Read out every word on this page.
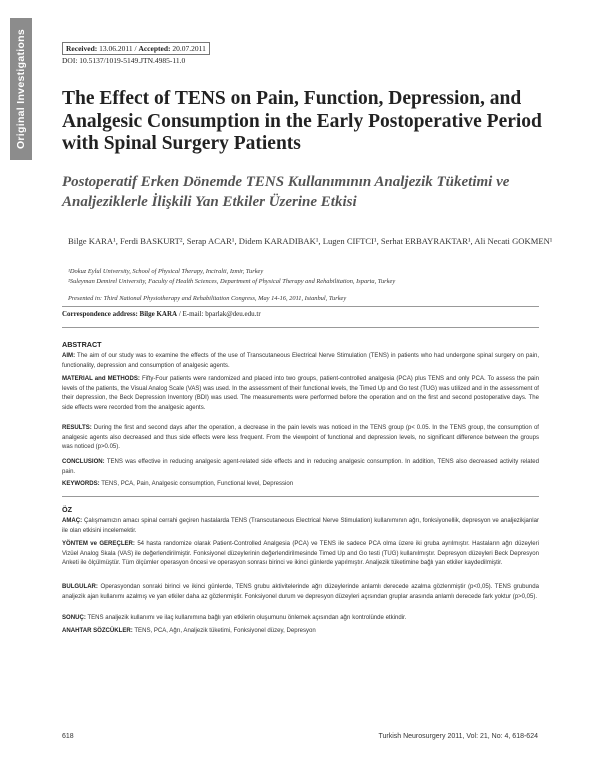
Original Investigations	Received: 13.06.2011 / Accepted: 20.07.2011
DOI: 10.5137/1019-5149.JTN.4985-11.0
The Effect of TENS on Pain, Function, Depression, and Analgesic Consumption in the Early Postoperative Period with Spinal Surgery Patients
Postoperatif Erken Dönemde TENS Kullanımının Analjezik Tüketimi ve Analjeziklerle İlişkili Yan Etkiler Üzerine Etkisi
Bilge KARA¹, Ferdi BASKURT², Serap ACAR¹, Didem KARADIBAK¹, Lugen CIFTCI¹, Serhat ERBAYRAKTAR¹, Ali Necati GOKMEN¹
¹Dokuz Eylul University, School of Physical Therapy, Inciralti, Izmir, Turkey
²Suleyman Demirel University, Faculty of Health Sciences, Department of Physical Therapy and Rehabilitation, Isparta, Turkey
Presented in: Third National Physiotherapy and Rehabilitation Congress, May 14-16, 2011, Istanbul, Turkey
Correspondence address: Bilge KARA / E-mail: bparlak@deu.edu.tr
ABSTRACT

AIM: The aim of our study was to examine the effects of the use of Transcutaneous Electrical Nerve Stimulation (TENS) in patients who had undergone spinal surgery on pain, functionality, depression and consumption of analgesic agents.

MATERIAL and METHODS: Fifty-Four patients were randomized and placed into two groups, patient-controlled analgesia (PCA) plus TENS and only PCA. To assess the pain levels of the patients, the Visual Analog Scale (VAS) was used. In the assessment of their functional levels, the Timed Up and Go test (TUG) was utilized and in the assessment of their depression, the Beck Depression Inventory (BDI) was used. The measurements were performed before the operation and on the first and second postoperative days. The side effects were recorded from the analgesic agents.

RESULTS: During the first and second days after the operation, a decrease in the pain levels was noticed in the TENS group (p< 0.05. In the TENS group, the consumption of analgesic agents also decreased and thus side effects were less frequent. From the viewpoint of functional and depression levels, no significant difference between the groups was noticed (p>0.05).

CONCLUSION: TENS was effective in reducing analgesic agent-related side effects and in reducing analgesic consumption. In addition, TENS also decreased activity related pain.

KEYWORDS: TENS, PCA, Pain, Analgesic consumption, Functional level, Depression

ÖZ

AMAÇ: Çalışmamızın amacı spinal cerrahi geçiren hastalarda TENS (Transcutaneous Electrical Nerve Stimulation) kullanımının ağrı, fonksiyonellik, depresyon ve analjezikjanlar ile olan etkisini incelemektir.

YÖNTEM ve GEREÇLER: 54 hasta randomize olarak Patient-Controlled Analgesia (PCA) ve TENS ile sadece PCA olma üzere iki gruba ayrılmıştır. Hastaların ağrı düzeyleri Vizüel Analog Skala (VAS) ile değerlendirilmiştir. Fonksiyonel düzeylerinin değerlendirilmesinde Timed Up and Go testi (TUG) kullanılmıştır. Depresyon düzeyleri Beck Depresyon Anketi ile ölçülmüştür. Tüm ölçümler operasyon öncesi ve operasyon sonrası birinci ve ikinci günlerde yapılmıştır. Analjezik tüketimine bağlı yan etkiler kaydedilmiştir.

BULGULAR: Operasyondan sonraki birinci ve ikinci günlerde, TENS grubu aktivitelerinde ağrı düzeylerinde anlamlı derecede azalma gözlenmiştir (p<0,05). TENS grubunda analjezik ajan kullanımı azalmış ve yan etkiler daha az gözlenmiştir. Fonksiyonel durum ve depresyon düzeyleri açısından gruplar arasında anlamlı derecede fark yoktur (p>0,05).

SONUÇ: TENS analjezik kullanımı ve ilaç kullanımına bağlı yan etkilerin oluşumunu önlemek açısından ağrı kontrolünde etkindir.

ANAHTAR SÖZCÜKLER: TENS, PCA, Ağrı, Analjezik tüketimi, Fonksiyonel düzey, Depresyon

618	Turkish Neurosurgery 2011, Vol: 21, No: 4, 618-624
